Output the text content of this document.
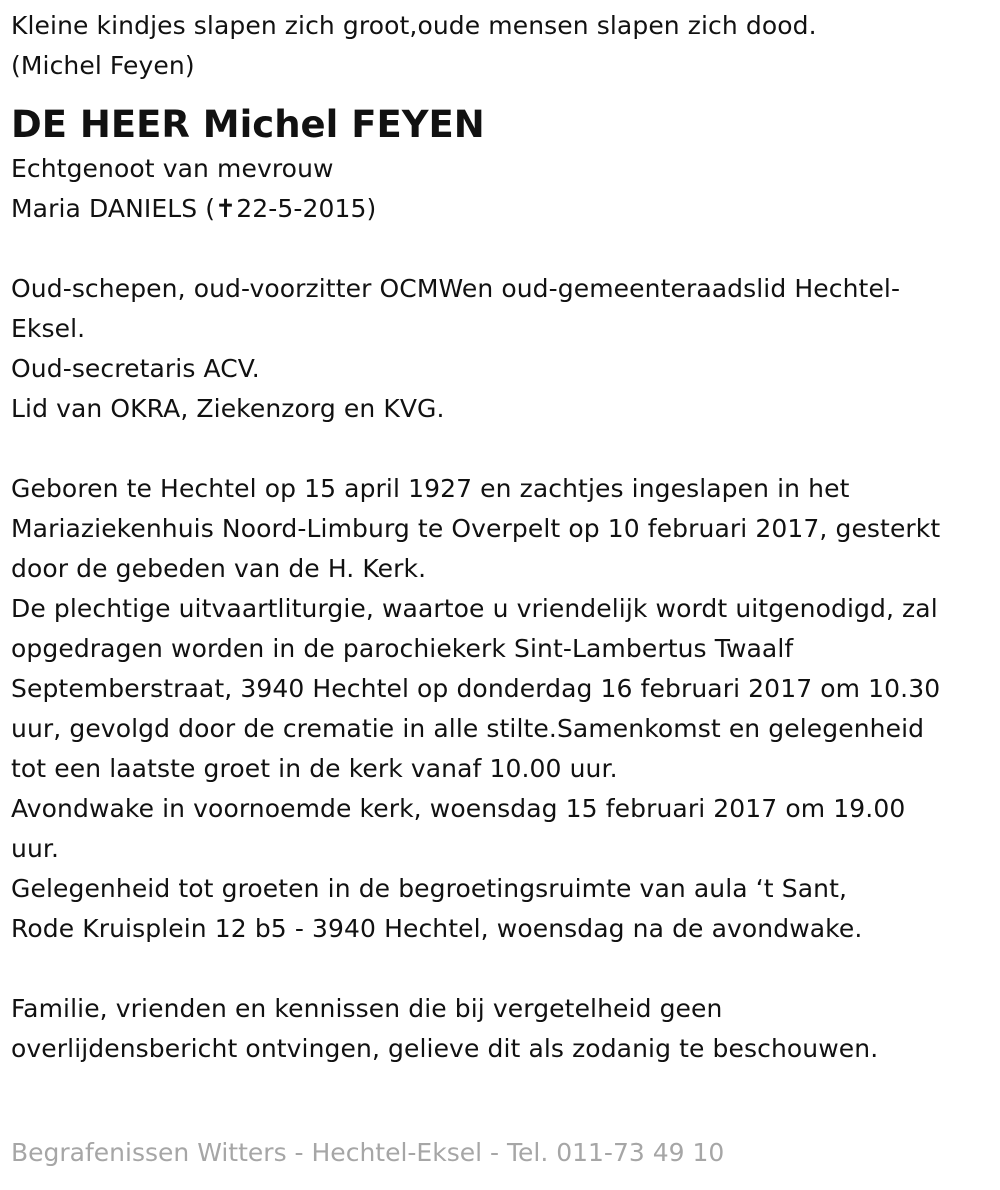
Kleine kindjes slapen zich groot,oude mensen slapen zich dood.
(Michel Feyen)
DE HEER Michel FEYEN
Echtgenoot van mevrouw
Maria DANIELS (✝22-5-2015)
Oud-schepen, oud-voorzitter OCMWen oud-gemeenteraadslid Hechtel-
Eksel.
Oud-secretaris ACV.
Lid van OKRA, Ziekenzorg en KVG.
Geboren te Hechtel op 15 april 1927 en zachtjes ingeslapen in het
Mariaziekenhuis Noord-Limburg te Overpelt op 10 februari 2017, gesterkt
door de gebeden van de H. Kerk.
De plechtige uitvaartliturgie, waartoe u vriendelijk wordt uitgenodigd, zal
opgedragen worden in de parochiekerk Sint-Lambertus Twaalf
Septemberstraat, 3940 Hechtel op donderdag 16 februari 2017 om 10.30
uur, gevolgd door de crematie in alle stilte.Samenkomst en gelegenheid
tot een laatste groet in de kerk vanaf 10.00 uur.
Avondwake in voornoemde kerk, woensdag 15 februari 2017 om 19.00
uur.
Gelegenheid tot groeten in de begroetingsruimte van aula ‘t Sant,
Rode Kruisplein 12 b5 - 3940 Hechtel, woensdag na de avondwake.
Familie, vrienden en kennissen die bij vergetelheid geen
overlijdensbericht ontvingen, gelieve dit als zodanig te beschouwen.
Begrafenissen Witters - Hechtel-Eksel - Tel. 011-73 49 10
